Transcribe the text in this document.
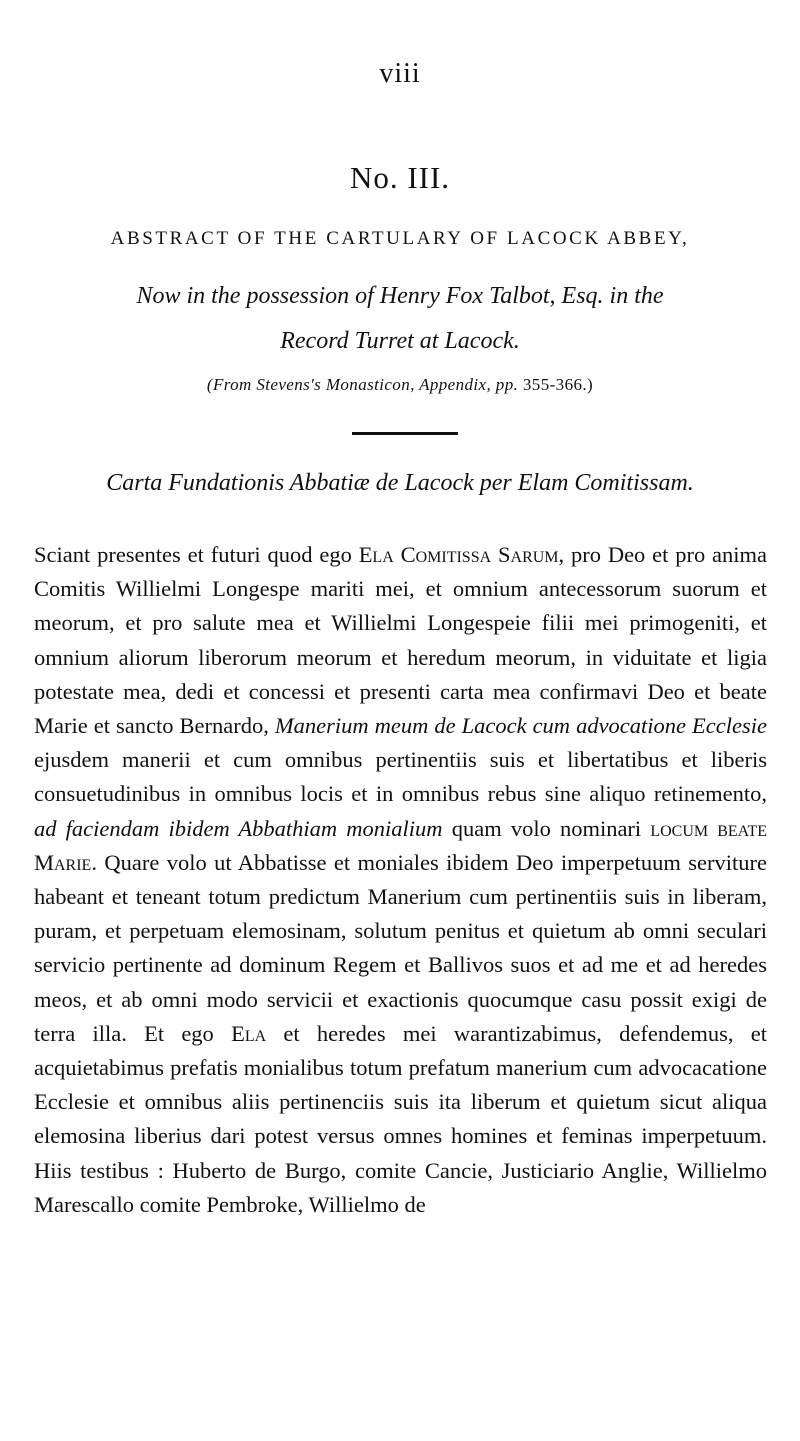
viii
No. III.
ABSTRACT OF THE CARTULARY OF LACOCK ABBEY,
Now in the possession of Henry Fox Talbot, Esq. in the
Record Turret at Lacock.
(From Stevens's Monasticon, Appendix, pp. 355-366.)
Carta Fundationis Abbatiæ de Lacock per Elam Comitissam.

Sciant presentes et futuri quod ego Ela Comitissa Sarum, pro Deo et pro anima Comitis Willielmi Longespe mariti mei, et omnium antecessorum suorum et meorum, et pro salute mea et Willielmi Longespeie filii mei primogeniti, et omnium aliorum liberorum meorum et heredum meorum, in viduitate et ligia potestate mea, dedi et concessi et presenti carta mea confirmavi Deo et beate Marie et sancto Bernardo, Manerium meum de Lacock cum advocatione Ecclesie ejusdem manerii et cum omnibus pertinentiis suis et libertatibus et liberis consuetudinibus in omnibus locis et in omnibus rebus sine aliquo retinemento, ad faciendam ibidem Abbathiam monialium quam volo nominari locum beate Marie. Quare volo ut Abbatisse et moniales ibidem Deo imperpetuum serviture habeant et teneant totum predictum Manerium cum pertinentiis suis in liberam, puram, et perpetuam elemosinam, solutum penitus et quietum ab omni seculari servicio pertinente ad dominum Regem et Ballivos suos et ad me et ad heredes meos, et ab omni modo servicii et exactionis quocumque casu possit exigi de terra illa. Et ego Ela et heredes mei warantizabimus, defendemus, et acquietabimus prefatis monialibus totum prefatum manerium cum advocacatione Ecclesie et omnibus aliis pertinenciis suis ita liberum et quietum sicut aliqua elemosina liberius dari potest versus omnes homines et feminas imperpetuum. Hiis testibus : Huberto de Burgo, comite Cancie, Justiciario Anglie, Willielmo Marescallo comite Pembroke, Willielmo de
